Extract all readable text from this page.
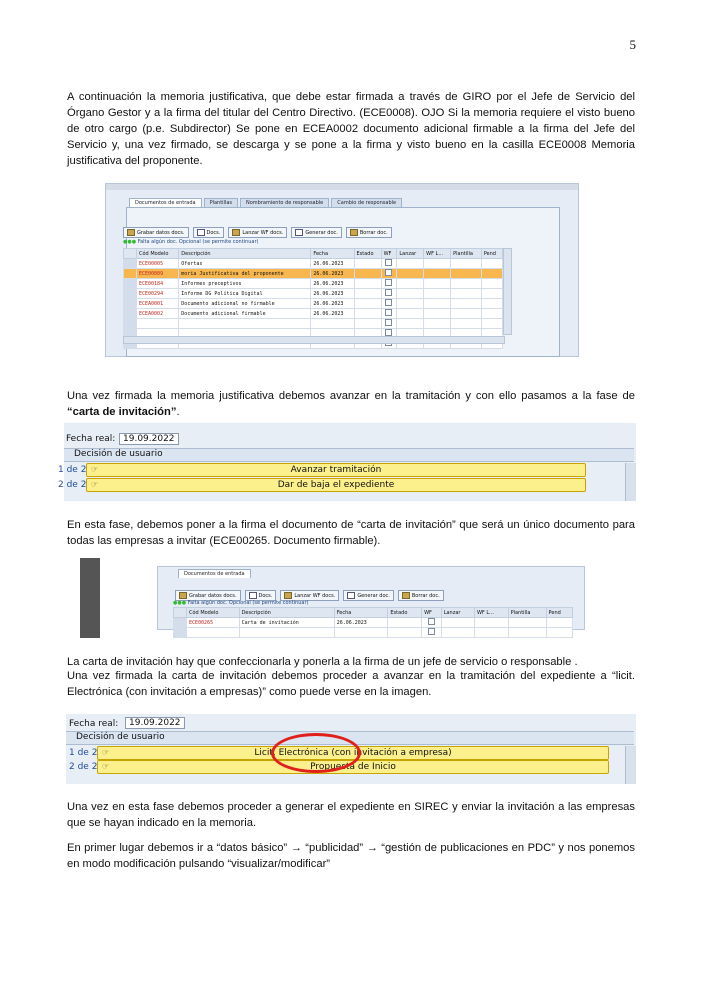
5
A continuación la memoria justificativa, que debe estar firmada a través de GIRO por el Jefe de Servicio del Órgano Gestor y a la firma del titular del Centro Directivo. (ECE0008). OJO Si la memoria requiere el visto bueno de otro cargo (p.e. Subdirector) Se pone en ECEA0002 documento adicional firmable a la firma del Jefe del Servicio y, una vez firmado, se descarga y se pone a la firma y visto bueno en la casilla ECE0008 Memoria justificativa del proponente.
Documentos de entrada	Plantillas	Nombramiento de responsable	Cambio de responsable
Grabar datos docs.	Docs.	Lanzar WF docs.	Generar doc.	Borrar doc.
●●● Falta algún doc. Opcional (se permite continuar)
	Cód Modelo	Descripción	Fecha	Estado	WF	Lanzar	WF L...	Plantilla	Pend
	ECE00005	Ofertas	26.06.2023						
	ECE00009	moria Justificativa del proponente	26.06.2023						
	ECE00184	Informes preceptivos	26.06.2023						
	ECE00294	Informe DG Política Digital	26.06.2023						
	ECEA0001	Documento adicional no firmable	26.06.2023						
	ECEA0002	Documento adicional firmable	26.06.2023						

Una vez firmada la memoria justificativa debemos avanzar en la tramitación y con ello pasamos a la fase de “carta de invitación”.
Fecha real: 19.09.2022
Decisión de usuario
1 de 2 ☞	Avanzar tramitación
2 de 2 ☞	Dar de baja el expediente
En esta fase, debemos poner a la firma el documento de “carta de invitación” que será un único documento para todas las empresas a invitar (ECE00265. Documento firmable).
Documentos de entrada
Grabar datos docs.	Docs.	Lanzar WF docs.	Generar doc.	Borrar doc.
●●● Falta algún doc. Opcional (se permite continuar)
	Cód Modelo	Descripción	Fecha	Estado	WF	Lanzar	WF L...	Plantilla	Pend
	ECE00265	Carta de invitación	26.06.2023						

La carta de invitación hay que confeccionarla y ponerla a la firma de un jefe de servicio o responsable .
Una vez firmada la carta de invitación debemos proceder a avanzar en la tramitación del expediente a “licit. Electrónica (con invitación a empresas)” como puede verse en la imagen.
Fecha real:	19.09.2022
Decisión de usuario
1 de 2 ☞	Licit. Electrónica (con invitación a empresa)
2 de 2 ☞	Propuesta de Inicio
Una vez en esta fase debemos proceder a generar el expediente en SIREC y enviar la invitación a las empresas que se hayan indicado en la memoria.
En primer lugar debemos ir a “datos básico” → “publicidad” → “gestión de publicaciones en PDC” y nos ponemos en modo modificación pulsando “visualizar/modificar”
